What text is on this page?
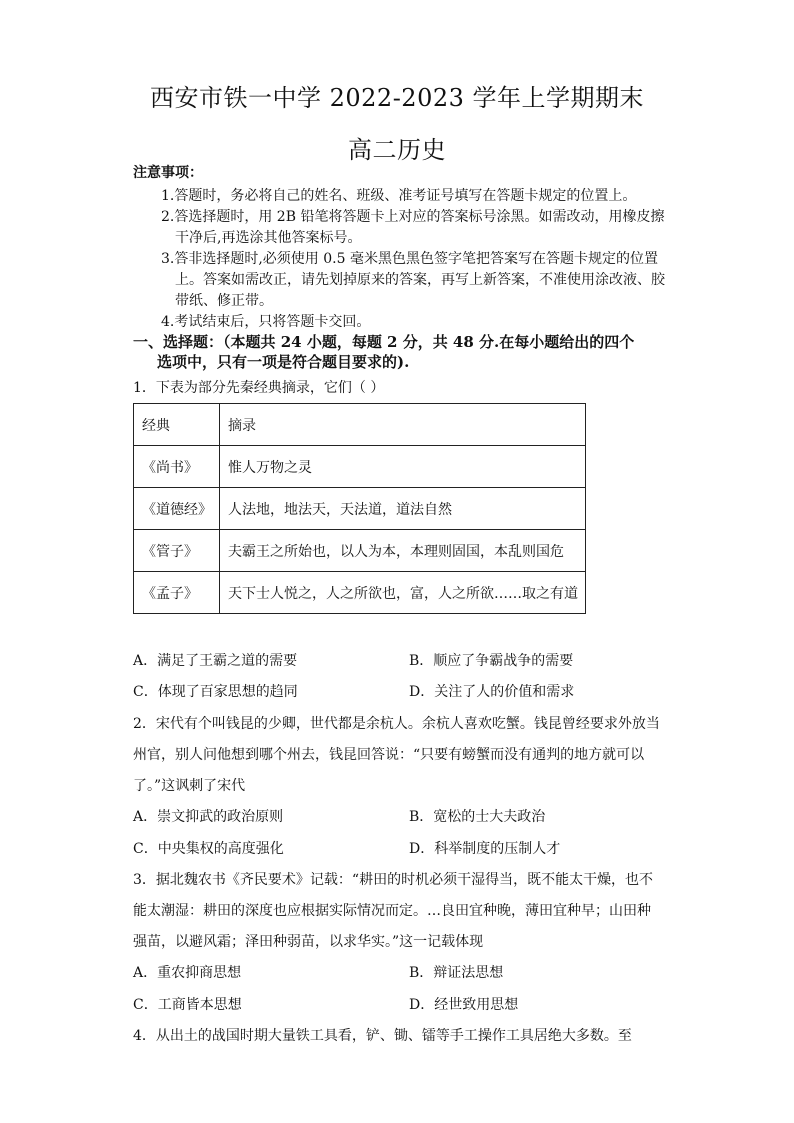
西安市铁一中学 2022-2023 学年上学期期末
高二历史
注意事项：
1.答题时，务必将自己的姓名、班级、准考证号填写在答题卡规定的位置上。
2.答选择题时，用 2B 铅笔将答题卡上对应的答案标号涂黑。如需改动，用橡皮擦
干净后,再选涂其他答案标号。
3.答非选择题时,必须使用 0.5 毫米黑色黑色签字笔把答案写在答题卡规定的位置
上。答案如需改正，请先划掉原来的答案，再写上新答案，不准使用涂改液、胶
带纸、修正带。
4.考试结束后，只将答题卡交回。
一、选择题：（本题共 24 小题，每题 2 分，共 48 分.在每小题给出的四个
选项中，只有一项是符合题目要求的).
1．下表为部分先秦经典摘录，它们（ ）
经典	摘录
《尚书》	惟人万物之灵
《道德经》	人法地，地法天，天法道，道法自然
《管子》	夫霸王之所始也，以人为本，本理则固国，本乱则国危
《孟子》	天下士人悦之，人之所欲也，富，人之所欲……取之有道
A．满足了王霸之道的需要	B．顺应了争霸战争的需要
C．体现了百家思想的趋同	D．关注了人的价值和需求
2．宋代有个叫钱昆的少卿，世代都是余杭人。余杭人喜欢吃蟹。钱昆曾经要求外放当
州官，别人问他想到哪个州去，钱昆回答说：“只要有螃蟹而没有通判的地方就可以
了。”这讽刺了宋代
A．崇文抑武的政治原则	B．宽松的士大夫政治
C．中央集权的高度强化	D．科举制度的压制人才
3．据北魏农书《齐民要术》记载：“耕田的时机必须干湿得当，既不能太干燥，也不
能太潮湿：耕田的深度也应根据实际情况而定。…良田宜种晚，薄田宜种早；山田种
强苗，以避风霜；泽田种弱苗，以求华实。”这一记载体现
A．重农抑商思想	B．辩证法思想
C．工商皆本思想	D．经世致用思想
4．从出土的战国时期大量铁工具看，铲、锄、镭等手工操作工具居绝大多数。至
